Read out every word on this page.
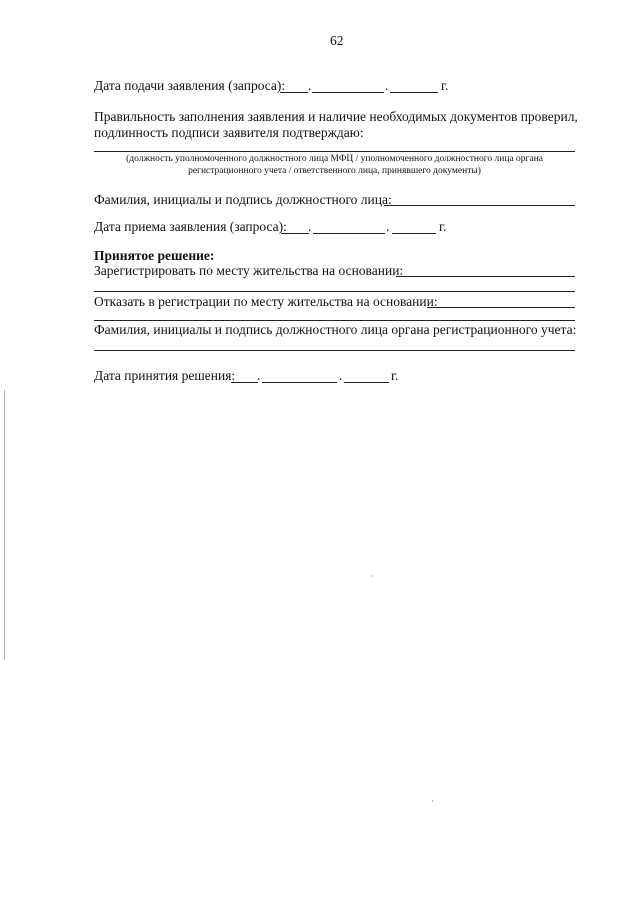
62
Дата подачи заявления (запроса): .	.	г.
Правильность заполнения заявления и наличие необходимых документов проверил,
подлинность подписи заявителя подтверждаю:
(должность уполномоченного должностного лица МФЦ / уполномоченного должностного лица органа
регистрационного учета / ответственного лица, принявшего документы)
Фамилия, инициалы и подпись должностного лица:
Дата приема заявления (запроса): .	.	г.
Принятое решение:
Зарегистрировать по месту жительства на основании:
Отказать в регистрации по месту жительства на основании:
Фамилия, инициалы и подпись должностного лица органа регистрационного учета:
Дата принятия решения: .	.	г.
